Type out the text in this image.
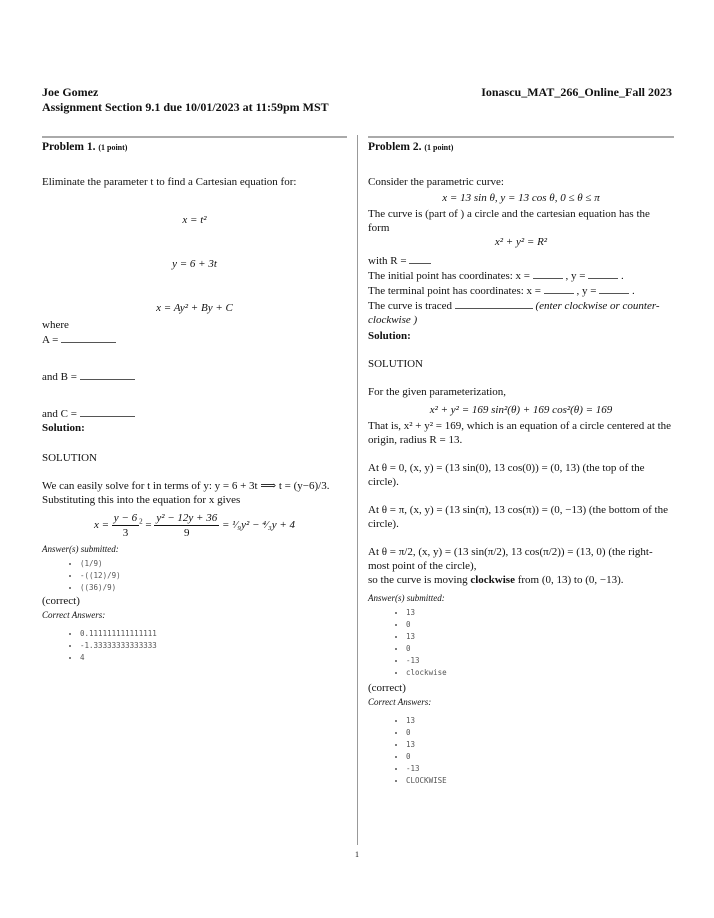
Joe Gomez	Ionascu_MAT_266_Online_Fall 2023
Assignment Section 9.1 due 10/01/2023 at 11:59pm MST
Problem 1. (1 point)

Eliminate the parameter t to find a Cartesian equation for:

x = t²

y = 6 + 3t

x = Ay² + By + C

where

A =

and B =

and C =

Solution:

SOLUTION

We can easily solve for t in terms of y: y = 6 + 3t ⟹ t = (y−6)/3.

Substituting this into the equation for x gives

$x = \frac{y - 6}{3} ^2 = \frac{\text{y² − 12y + 36}}{9}$ = ¹⁄₉y² − ⁴⁄₃y + 4

Answer(s) submitted:

• (1/9)
• -((12)/9)
• ((36)/9)

(correct)

Correct Answers:

• 0.111111111111111
• -1.33333333333333
• 4
Problem 2. (1 point)

Consider the parametric curve:

x = 13 sin θ, y = 13 cos θ, 0 ≤ θ ≤ π

The curve is (part of ) a circle and the cartesian equation has the form

x² + y² = R²

with R =

The initial point has coordinates: x =	, y =	.

The terminal point has coordinates: x =	, y =	.

The curve is traced	(enter clockwise or counter-clockwise )

Solution:

SOLUTION

For the given parameterization,

x² + y² = 169 sin²(θ) + 169 cos²(θ) = 169

That is, x² + y² = 169, which is an equation of a circle centered at the origin, radius R = 13.

At θ = 0, (x, y) = (13 sin(0), 13 cos(0)) = (0, 13) (the top of the circle).

At θ = π, (x, y) = (13 sin(π), 13 cos(π)) = (0, −13) (the bottom of the circle).

At θ = π/2, (x, y) = (13 sin(π/2), 13 cos(π/2)) = (13, 0) (the right-most point of the circle),

so the curve is moving clockwise from (0, 13) to (0, −13).

Answer(s) submitted:

• 13
• 0
• 13
• 0
• -13
• clockwise

(correct)

Correct Answers:

• 13
• 0
• 13
• 0
• -13
• CLOCKWISE
1
